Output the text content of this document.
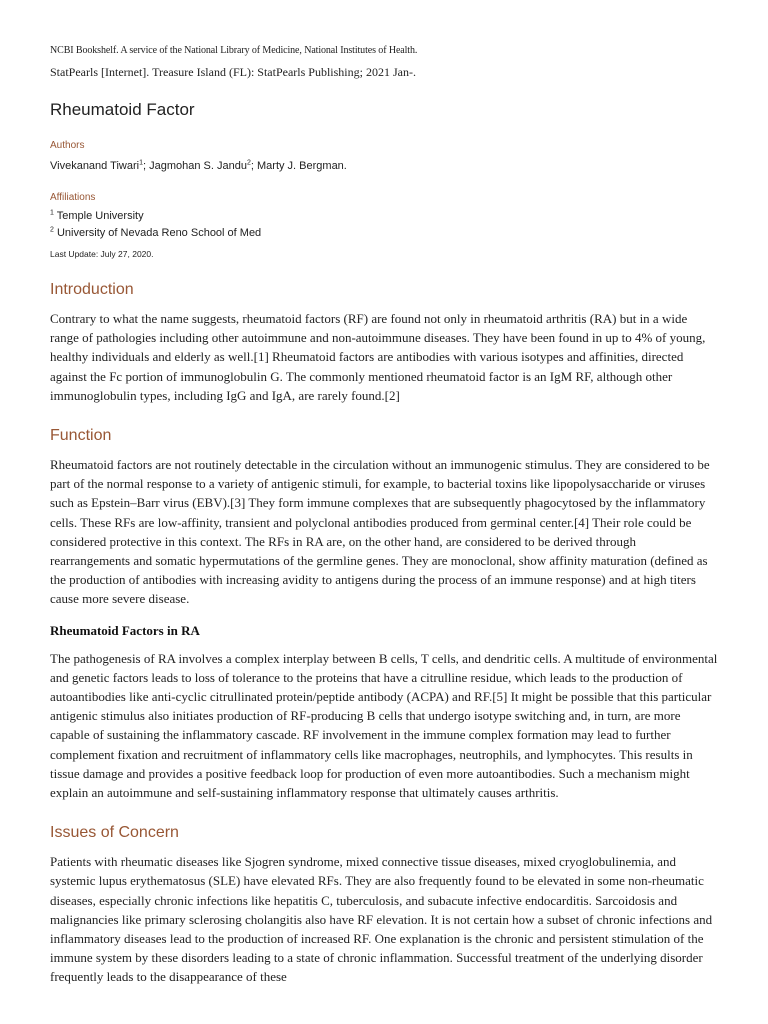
NCBI Bookshelf. A service of the National Library of Medicine, National Institutes of Health.
StatPearls [Internet]. Treasure Island (FL): StatPearls Publishing; 2021 Jan-.
Rheumatoid Factor
Authors
Vivekanand Tiwari$^1$; Jagmohan S. Jandu$^2$; Marty J. Bergman.
Affiliations
$^1$ Temple University
$^2$ University of Nevada Reno School of Med
Last Update: July 27, 2020.
Introduction

Contrary to what the name suggests, rheumatoid factors (RF) are found not only in rheumatoid arthritis (RA) but in a wide range of pathologies including other autoimmune and non-autoimmune diseases. They have been found in up to 4% of young, healthy individuals and elderly as well.[1] Rheumatoid factors are antibodies with various isotypes and affinities, directed against the Fc portion of immunoglobulin G. The commonly mentioned rheumatoid factor is an IgM RF, although other immunoglobulin types, including IgG and IgA, are rarely found.[2]

Function

Rheumatoid factors are not routinely detectable in the circulation without an immunogenic stimulus. They are considered to be part of the normal response to a variety of antigenic stimuli, for example, to bacterial toxins like lipopolysaccharide or viruses such as Epstein–Barr virus (EBV).[3] They form immune complexes that are subsequently phagocytosed by the inflammatory cells. These RFs are low-affinity, transient and polyclonal antibodies produced from germinal center.[4] Their role could be considered protective in this context. The RFs in RA are, on the other hand, are considered to be derived through rearrangements and somatic hypermutations of the germline genes. They are monoclonal, show affinity maturation (defined as the production of antibodies with increasing avidity to antigens during the process of an immune response) and at high titers cause more severe disease.

Rheumatoid Factors in RA

The pathogenesis of RA involves a complex interplay between B cells, T cells, and dendritic cells. A multitude of environmental and genetic factors leads to loss of tolerance to the proteins that have a citrulline residue, which leads to the production of autoantibodies like anti-cyclic citrullinated protein/peptide antibody (ACPA) and RF.[5] It might be possible that this particular antigenic stimulus also initiates production of RF-producing B cells that undergo isotype switching and, in turn, are more capable of sustaining the inflammatory cascade. RF involvement in the immune complex formation may lead to further complement fixation and recruitment of inflammatory cells like macrophages, neutrophils, and lymphocytes. This results in tissue damage and provides a positive feedback loop for production of even more autoantibodies. Such a mechanism might explain an autoimmune and self-sustaining inflammatory response that ultimately causes arthritis.

Issues of Concern

Patients with rheumatic diseases like Sjogren syndrome, mixed connective tissue diseases, mixed cryoglobulinemia, and systemic lupus erythematosus (SLE) have elevated RFs. They are also frequently found to be elevated in some non-rheumatic diseases, especially chronic infections like hepatitis C, tuberculosis, and subacute infective endocarditis. Sarcoidosis and malignancies like primary sclerosing cholangitis also have RF elevation. It is not certain how a subset of chronic infections and inflammatory diseases lead to the production of increased RF. One explanation is the chronic and persistent stimulation of the immune system by these disorders leading to a state of chronic inflammation. Successful treatment of the underlying disorder frequently leads to the disappearance of these
